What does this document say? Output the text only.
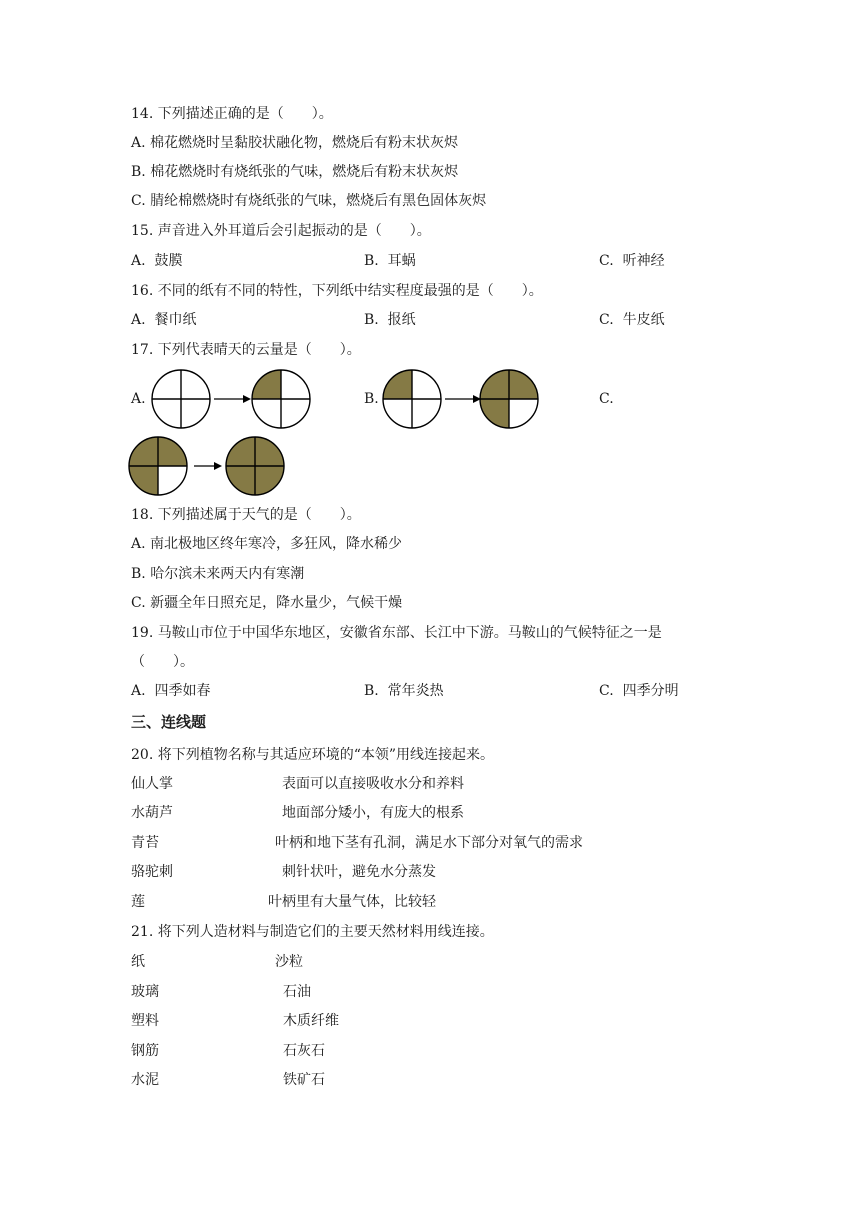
14. 下列描述正确的是（　　）。
A. 棉花燃烧时呈黏胶状融化物，燃烧后有粉末状灰烬
B. 棉花燃烧时有烧纸张的气味，燃烧后有粉末状灰烬
C. 腈纶棉燃烧时有烧纸张的气味，燃烧后有黑色固体灰烬
15. 声音进入外耳道后会引起振动的是（　　）。
A.  鼓膜	B.  耳蜗	C.  听神经
16. 不同的纸有不同的特性，下列纸中结实程度最强的是（　　）。
A.  餐巾纸	B.  报纸	C.  牛皮纸
17. 下列代表晴天的云量是（　　）。
A.	B.	C.
18. 下列描述属于天气的是（　　）。
A. 南北极地区终年寒冷，多狂风，降水稀少
B. 哈尔滨未来两天内有寒潮
C. 新疆全年日照充足，降水量少，气候干燥
19. 马鞍山市位于中国华东地区，安徽省东部、长江中下游。马鞍山的气候特征之一是
（　　）。
A.  四季如春	B.  常年炎热	C.  四季分明
三、连线题
20. 将下列植物名称与其适应环境的“本领”用线连接起来。
仙人掌	表面可以直接吸收水分和养料
水葫芦	地面部分矮小，有庞大的根系
青苔	叶柄和地下茎有孔洞，满足水下部分对氧气的需求
骆驼刺	刺针状叶，避免水分蒸发
莲	叶柄里有大量气体，比较轻
21. 将下列人造材料与制造它们的主要天然材料用线连接。
纸	沙粒
玻璃	石油
塑料	木质纤维
钢筋	石灰石
水泥	铁矿石
